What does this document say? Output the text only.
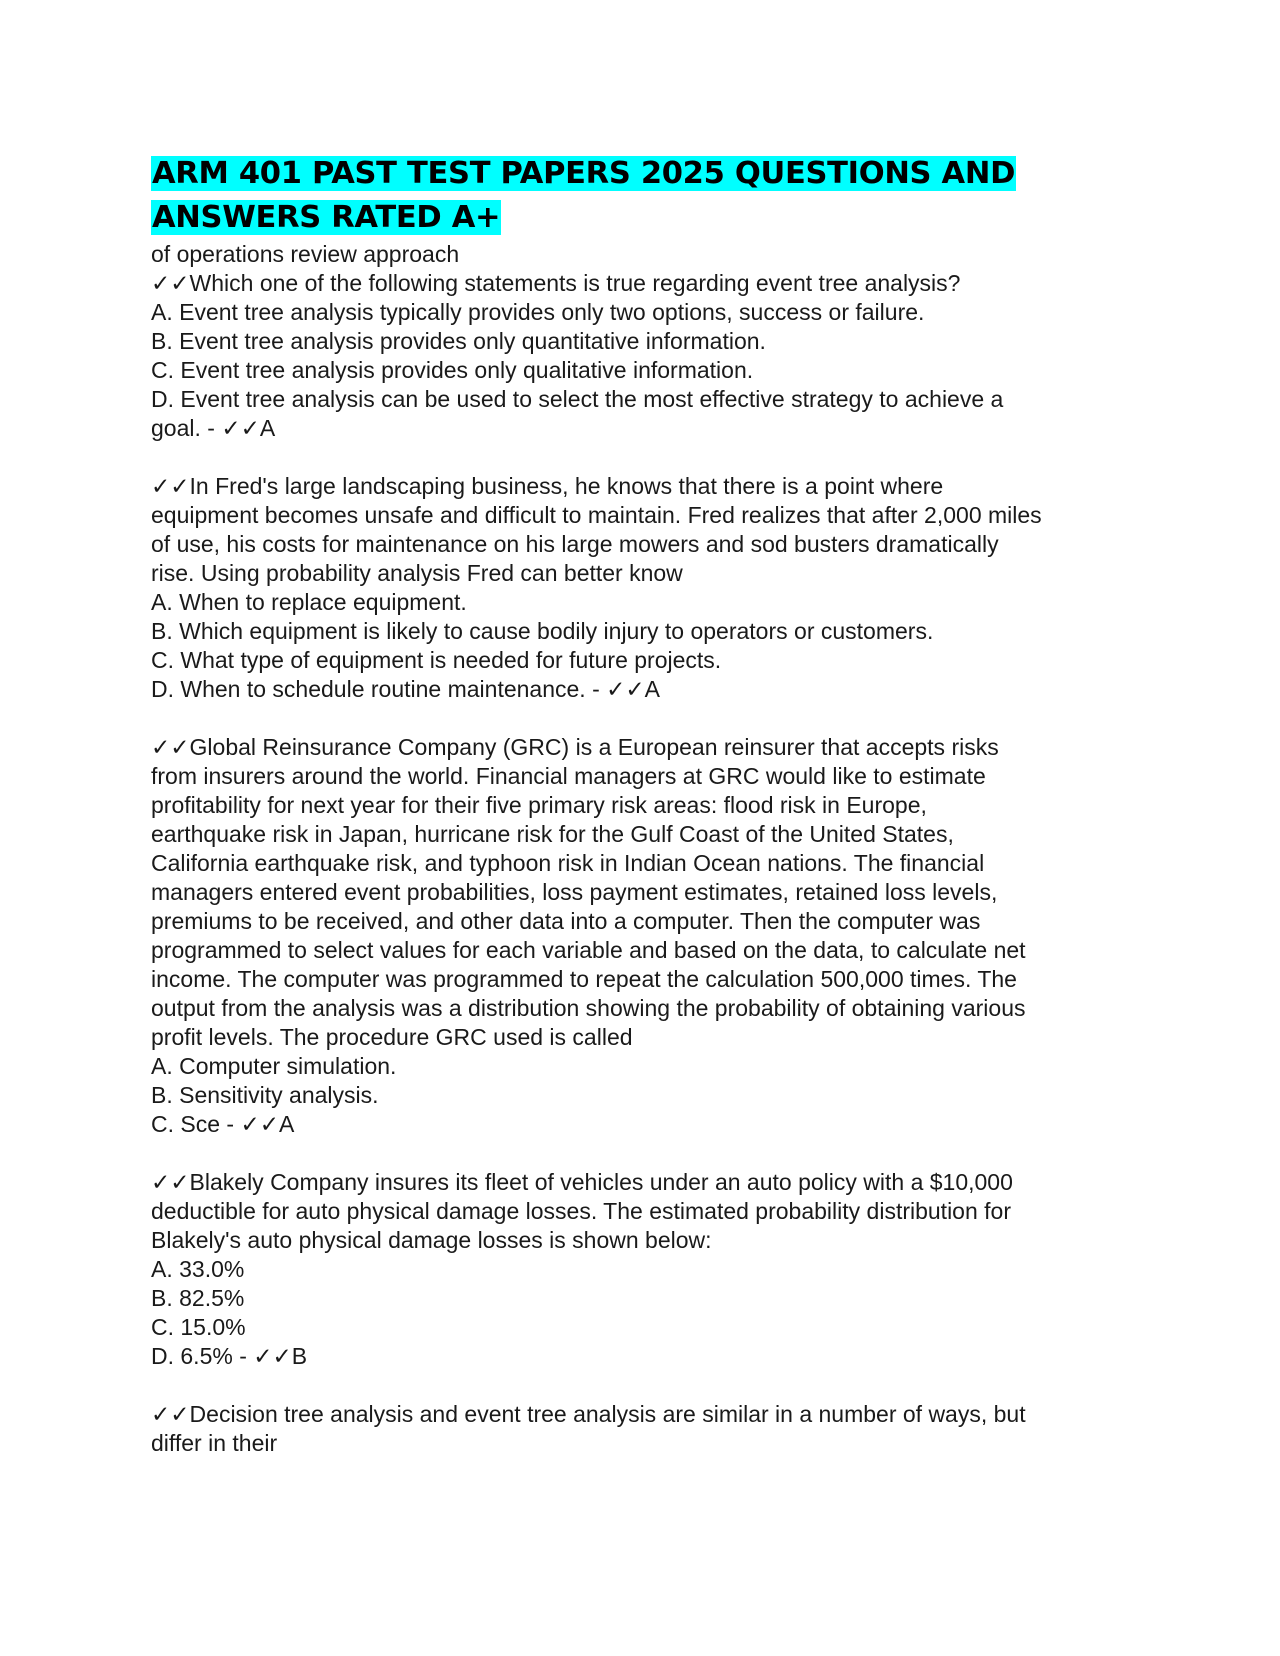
ARM 401 PAST TEST PAPERS 2025 QUESTIONS AND
ANSWERS RATED A+
of operations review approach
✓✓Which one of the following statements is true regarding event tree analysis?
A. Event tree analysis typically provides only two options, success or failure.
B. Event tree analysis provides only quantitative information.
C. Event tree analysis provides only qualitative information.
D. Event tree analysis can be used to select the most effective strategy to achieve a
goal. - ✓✓A
✓✓In Fred's large landscaping business, he knows that there is a point where
equipment becomes unsafe and difficult to maintain. Fred realizes that after 2,000 miles
of use, his costs for maintenance on his large mowers and sod busters dramatically
rise. Using probability analysis Fred can better know
A. When to replace equipment.
B. Which equipment is likely to cause bodily injury to operators or customers.
C. What type of equipment is needed for future projects.
D. When to schedule routine maintenance. - ✓✓A
✓✓Global Reinsurance Company (GRC) is a European reinsurer that accepts risks
from insurers around the world. Financial managers at GRC would like to estimate
profitability for next year for their five primary risk areas: flood risk in Europe,
earthquake risk in Japan, hurricane risk for the Gulf Coast of the United States,
California earthquake risk, and typhoon risk in Indian Ocean nations. The financial
managers entered event probabilities, loss payment estimates, retained loss levels,
premiums to be received, and other data into a computer. Then the computer was
programmed to select values for each variable and based on the data, to calculate net
income. The computer was programmed to repeat the calculation 500,000 times. The
output from the analysis was a distribution showing the probability of obtaining various
profit levels. The procedure GRC used is called
A. Computer simulation.
B. Sensitivity analysis.
C. Sce - ✓✓A
✓✓Blakely Company insures its fleet of vehicles under an auto policy with a $10,000
deductible for auto physical damage losses. The estimated probability distribution for
Blakely's auto physical damage losses is shown below:
A. 33.0%
B. 82.5%
C. 15.0%
D. 6.5% - ✓✓B
✓✓Decision tree analysis and event tree analysis are similar in a number of ways, but
differ in their
